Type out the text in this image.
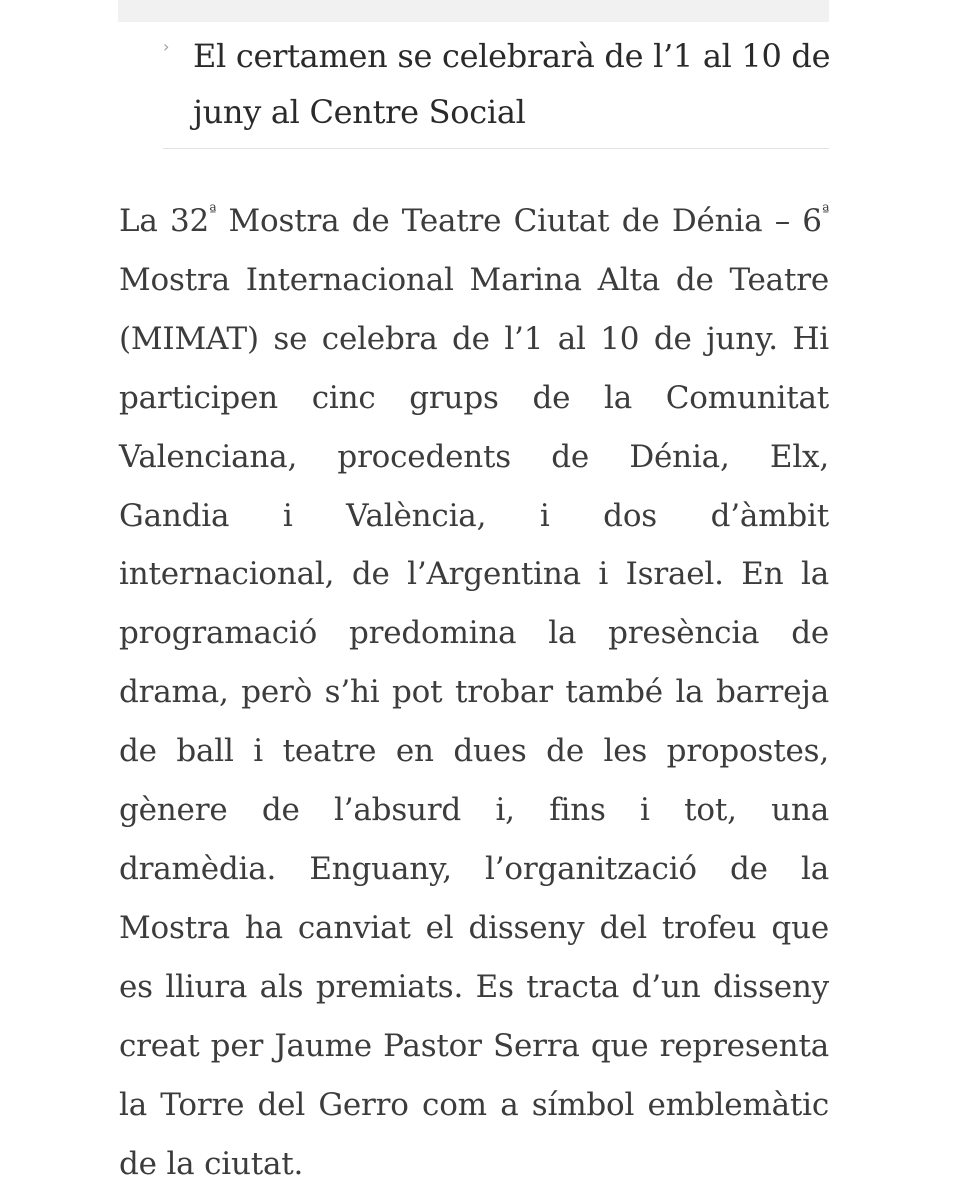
› El certamen se celebrarà de l’1 al 10 de
juny al Centre Social

La $32^ª$ Mostra de Teatre Ciutat de Dénia – $6^ª$
Mostra Internacional Marina Alta de Teatre
(MIMAT) se celebra de l’1 al 10 de juny. Hi
participen cinc grups de la Comunitat
Valenciana, procedents de Dénia, Elx,
Gandia i València, i dos d’àmbit
internacional, de l’Argentina i Israel. En la
programació predomina la presència de
drama, però s’hi pot trobar també la barreja
de ball i teatre en dues de les propostes,
gènere de l’absurd i, fins i tot, una
dramèdia. Enguany, l’organització de la
Mostra ha canviat el disseny del trofeu que
es lliura als premiats. Es tracta d’un disseny
creat per Jaume Pastor Serra que representa
la Torre del Gerro com a símbol emblemàtic
de la ciutat.
